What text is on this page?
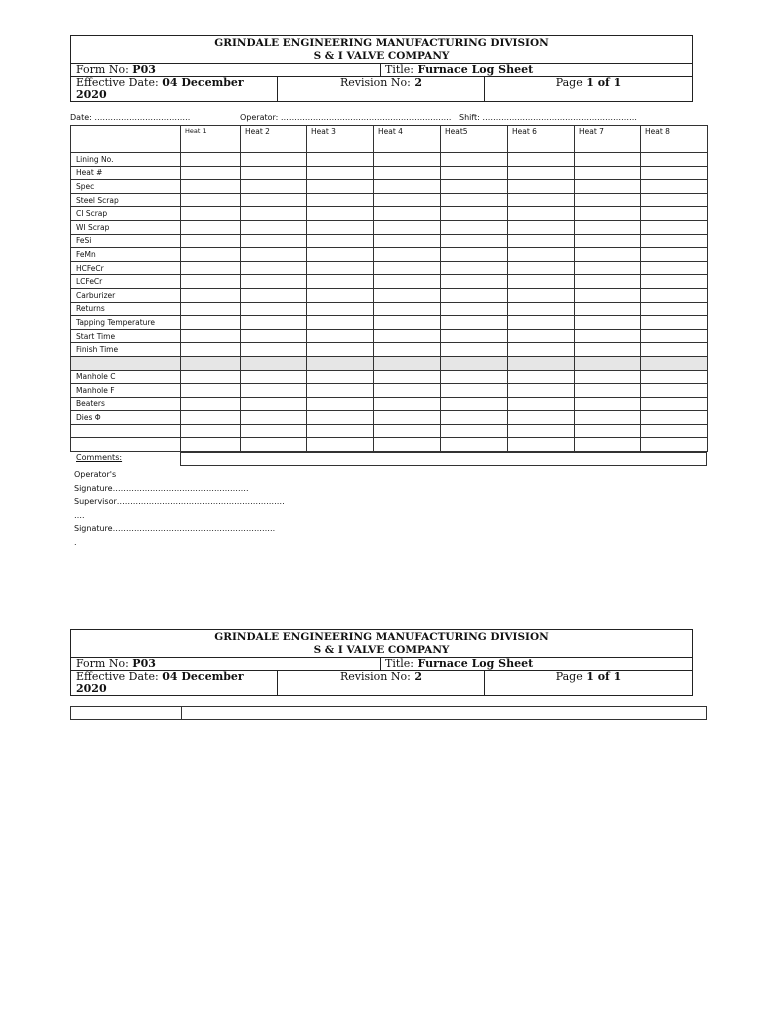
GRINDALE ENGINEERING MANUFACTURING DIVISION
S & I VALVE COMPANY
Form No: P03	Title: Furnace Log Sheet
Effective Date: 04 December 2020
Revision No: 2	Page 1 of 1
Date: ………………………………	Operator: ………………………………………………………. Shift: ………………………………………………….
	Heat 1	Heat 2	Heat 3	Heat 4	Heat5	Heat 6	Heat 7	Heat 8
Lining No.								
Heat #								
Spec								
Steel Scrap								
CI Scrap								
WI Scrap								
FeSi								
FeMn								
HCFeCr								
LCFeCr								
Carburizer								
Returns								
Tapping Temperature								
Start Time								
Finish Time								

Manhole C								
Manhole F								
Beaters								
Dies Φ								

Comments:
Operator's
Signature……………………………………………
Supervisor………………………………………………………
….
Signature…………………………………………………….
.
GRINDALE ENGINEERING MANUFACTURING DIVISION
S & I VALVE COMPANY
Form No: P03	Title: Furnace Log Sheet
Effective Date: 04 December 2020
Revision No: 2	Page 1 of 1
